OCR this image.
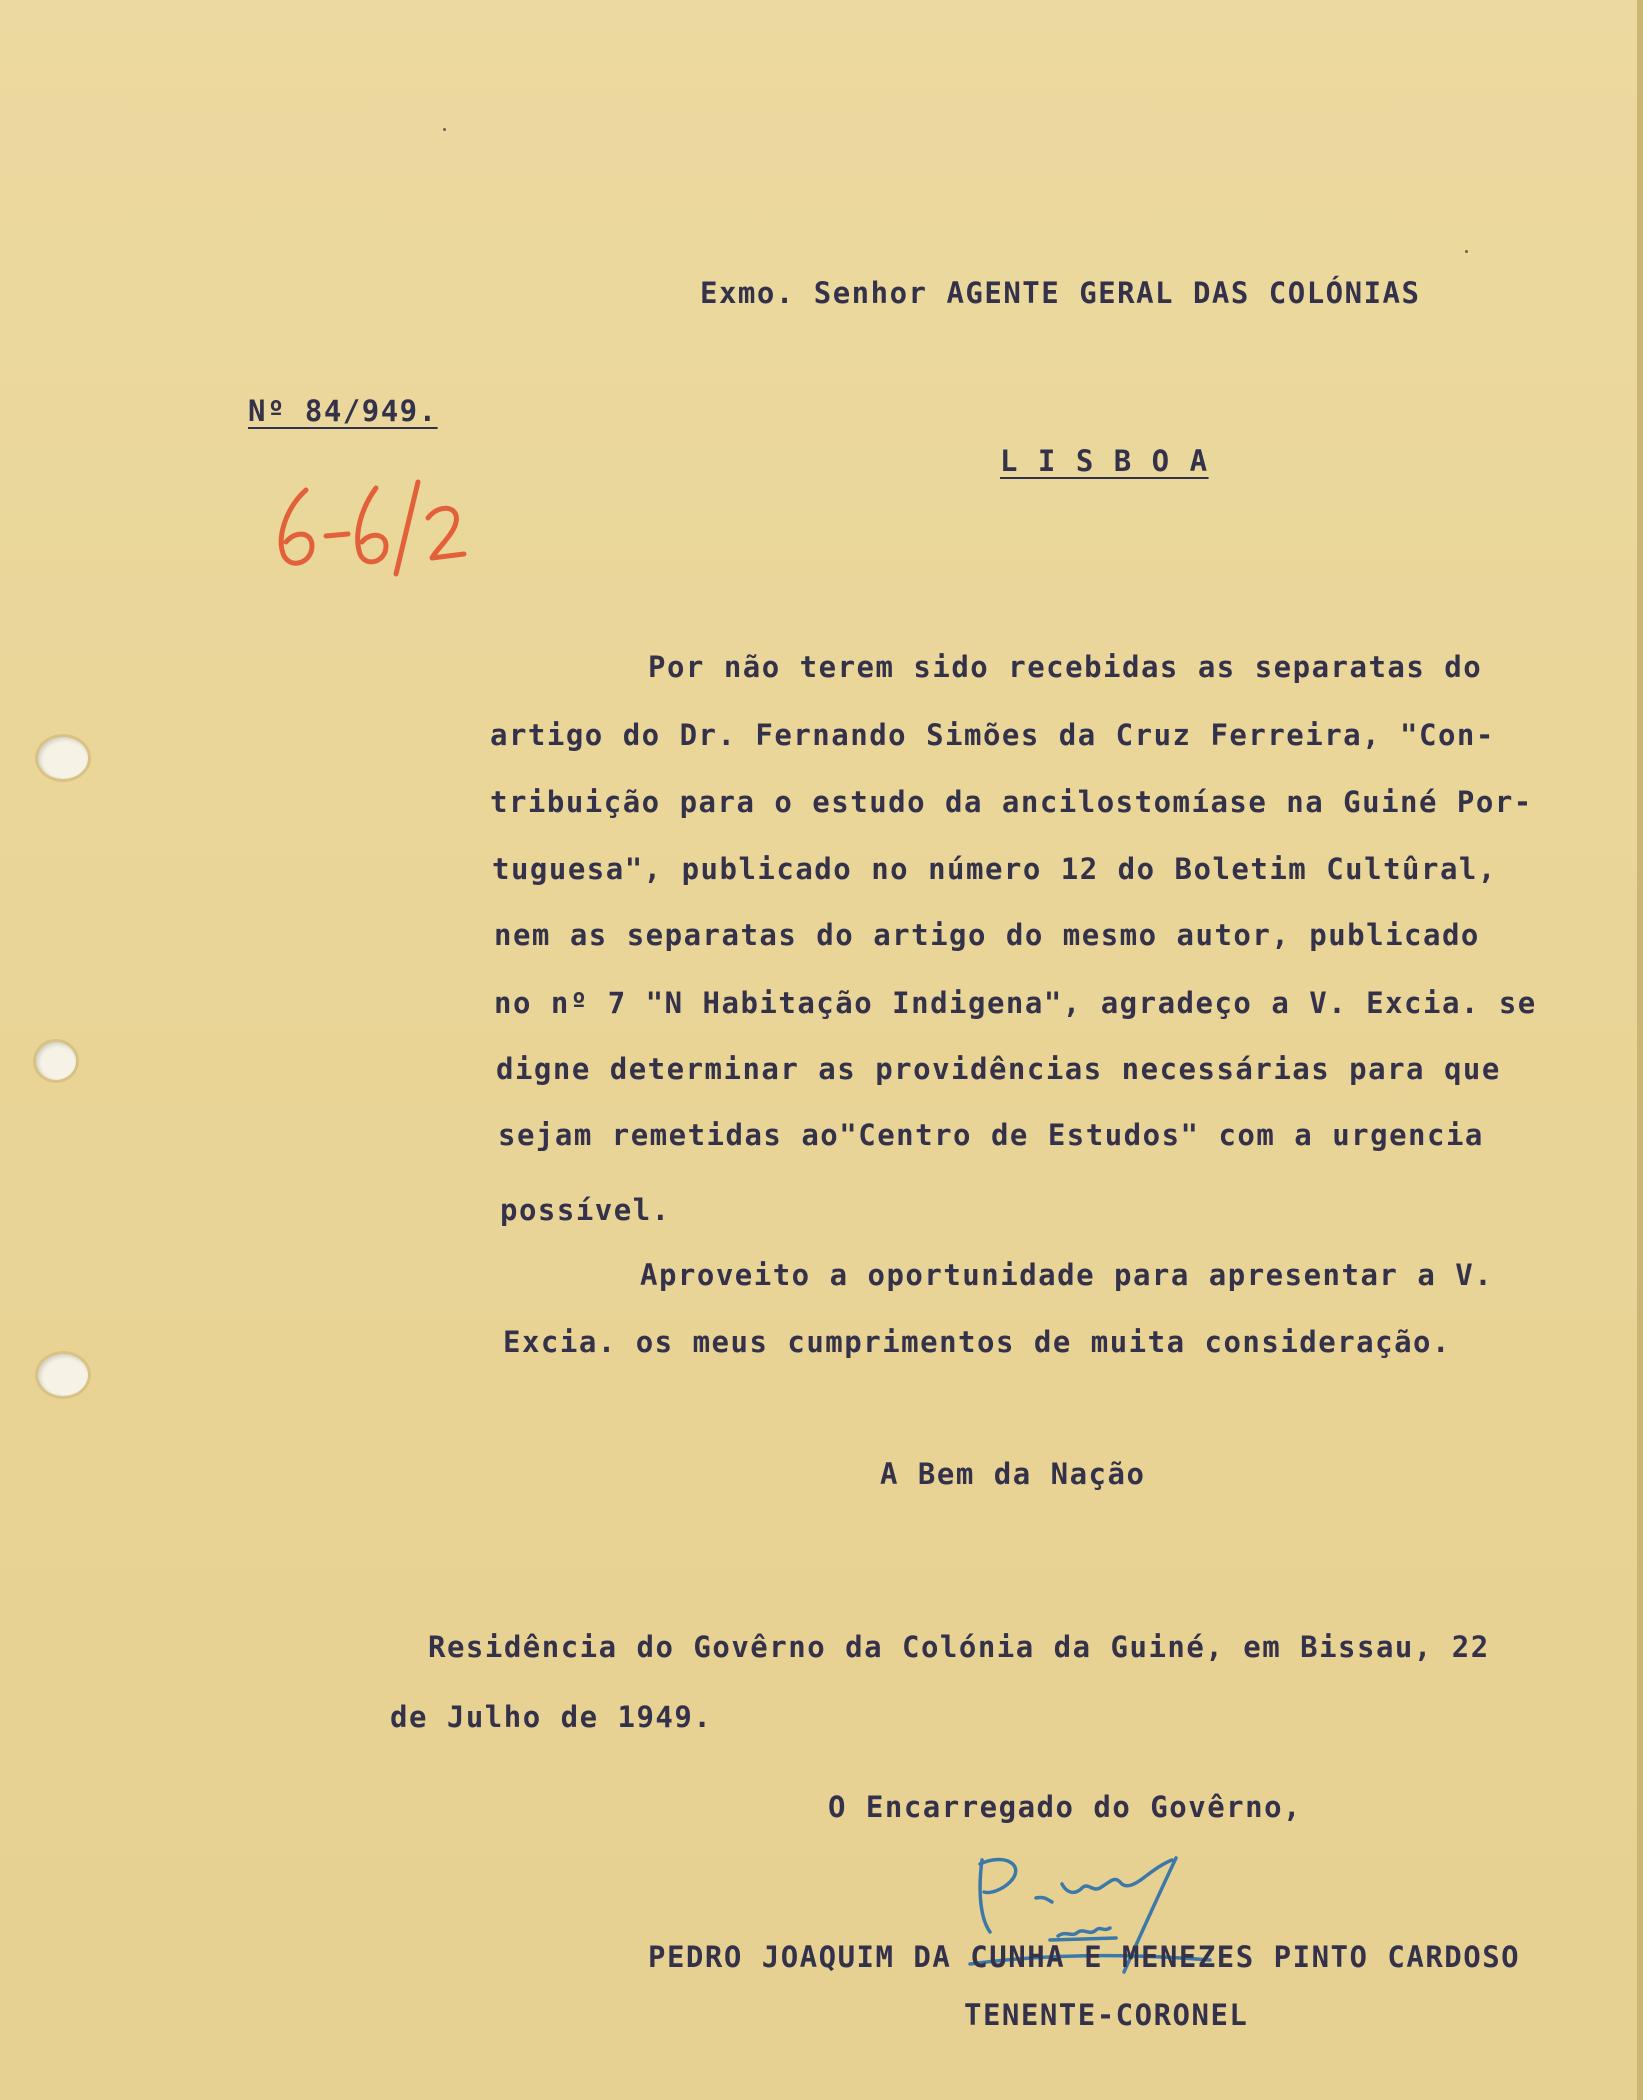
Exmo. Senhor AGENTE GERAL DAS COLÓNIAS
Nº 84/949.
L I S B O A
Por não terem sido recebidas as separatas do
artigo do Dr. Fernando Simões da Cruz Ferreira, "Con-
tribuição para o estudo da ancilostomíase na Guiné Por-
tuguesa", publicado no número 12 do Boletim Cultûral,
nem as separatas do artigo do mesmo autor, publicado
no nº 7 "N Habitação Indigena", agradeço a V. Excia. se
digne determinar as providências necessárias para que
sejam remetidas ao"Centro de Estudos" com a urgencia
possível.
Aproveito a oportunidade para apresentar a V.
Excia. os meus cumprimentos de muita consideração.
A Bem da Nação
Residência do Govêrno da Colónia da Guiné, em Bissau, 22
de Julho de 1949.
O Encarregado do Govêrno,
PEDRO JOAQUIM DA CUNHA E MENEZES PINTO CARDOSO
TENENTE-CORONEL
